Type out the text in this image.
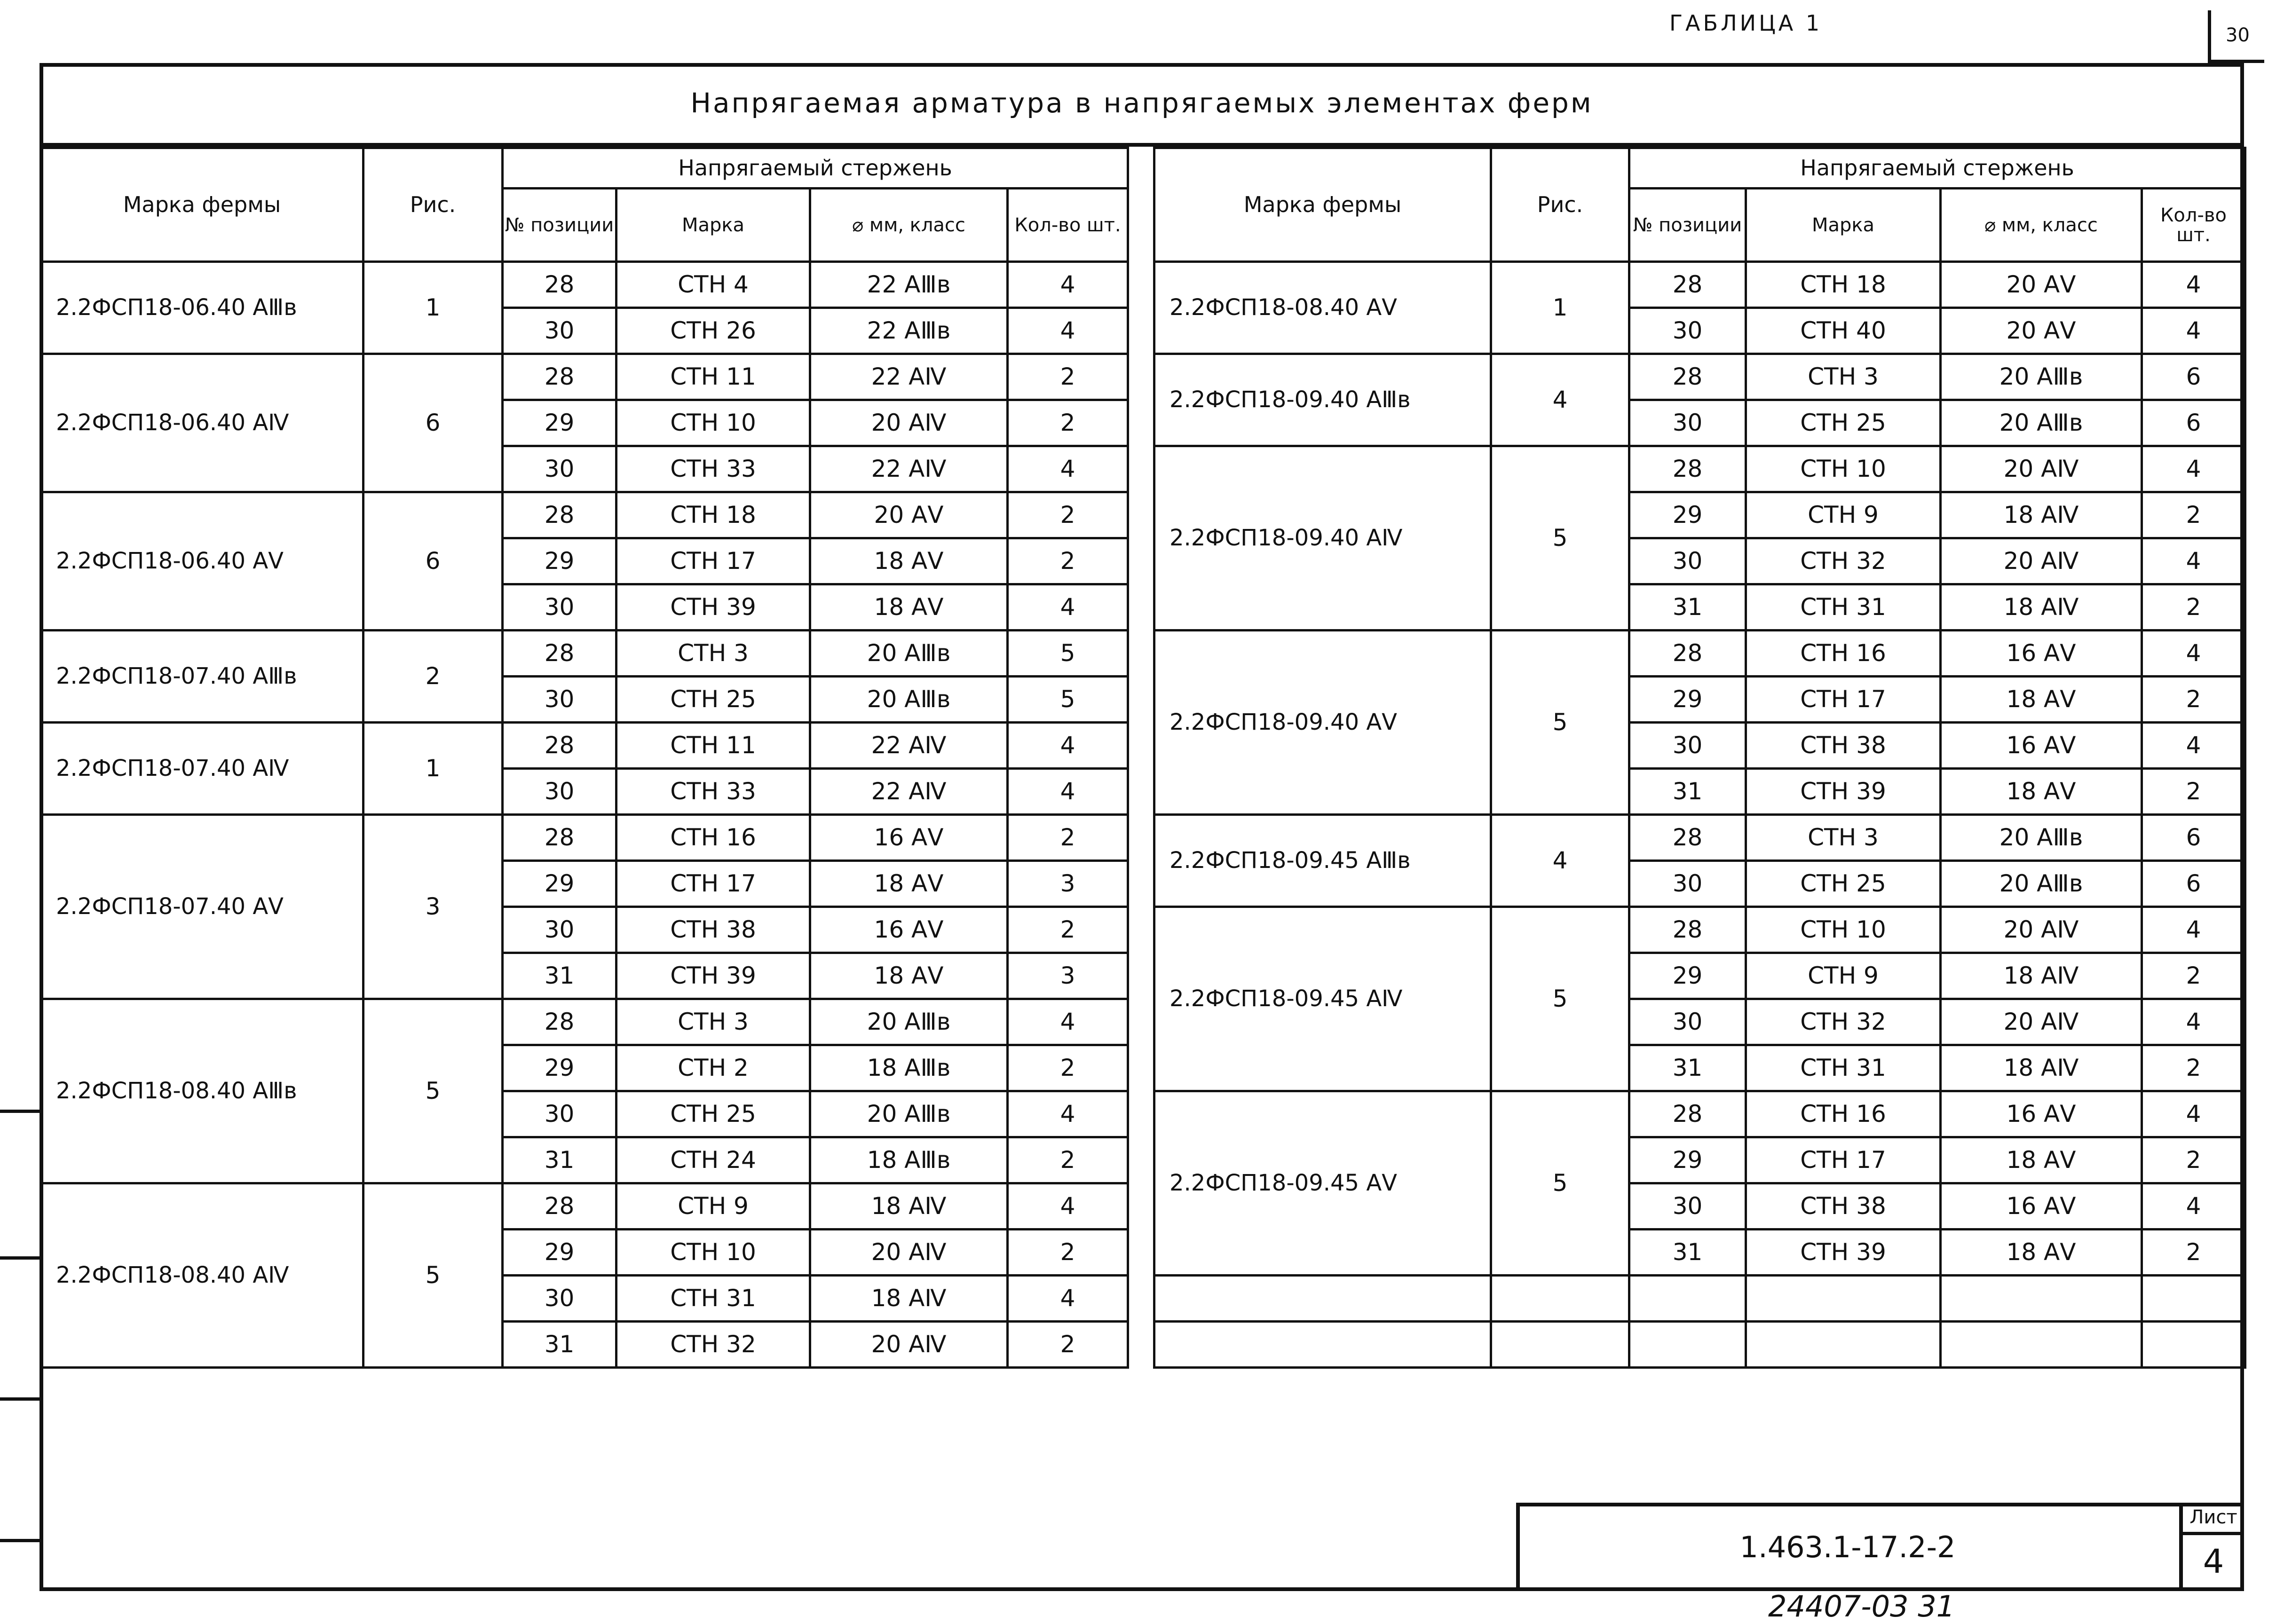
ГАБЛИЦА 1	30
Напрягаемая арматура в напрягаемых элементах ферм
Марка фермы	Рис.	Напрягаемый стержень			
		№ позиции	Марка	⌀ мм, класс	Кол-во шт.
2.2ФСП18-06.40 АⅢв	1	28	СТН 4	22 АⅢв	4
		30	СТН 26	22 АⅢв	4
2.2ФСП18-06.40 АⅣ	6	28	СТН 11	22 АⅣ	2
		29	СТН 10	20 АⅣ	2
		30	СТН 33	22 АⅣ	4
2.2ФСП18-06.40 АⅤ	6	28	СТН 18	20 АⅤ	2
		29	СТН 17	18 АⅤ	2
		30	СТН 39	18 АⅤ	4
2.2ФСП18-07.40 АⅢв	2	28	СТН 3	20 АⅢв	5
		30	СТН 25	20 АⅢв	5
2.2ФСП18-07.40 АⅣ	1	28	СТН 11	22 АⅣ	4
		30	СТН 33	22 АⅣ	4
2.2ФСП18-07.40 АⅤ	3	28	СТН 16	16 АⅤ	2
		29	СТН 17	18 АⅤ	3
		30	СТН 38	16 АⅤ	2
		31	СТН 39	18 АⅤ	3
2.2ФСП18-08.40 АⅢв	5	28	СТН 3	20 АⅢв	4
		29	СТН 2	18 АⅢв	2
		30	СТН 25	20 АⅢв	4
		31	СТН 24	18 АⅢв	2
2.2ФСП18-08.40 АⅣ	5	28	СТН 9	18 АⅣ	4
		29	СТН 10	20 АⅣ	2
		30	СТН 31	18 АⅣ	4
		31	СТН 32	20 АⅣ	2
Марка фермы	Рис.	Напрягаемый стержень			
		№ позиции	Марка	⌀ мм, класс	Кол-во шт.
2.2ФСП18-08.40 АⅤ	1	28	СТН 18	20 АⅤ	4
		30	СТН 40	20 АⅤ	4
2.2ФСП18-09.40 АⅢв	4	28	СТН 3	20 АⅢв	6
		30	СТН 25	20 АⅢв	6
2.2ФСП18-09.40 АⅣ	5	28	СТН 10	20 АⅣ	4
		29	СТН 9	18 АⅣ	2
		30	СТН 32	20 АⅣ	4
		31	СТН 31	18 АⅣ	2
2.2ФСП18-09.40 АⅤ	5	28	СТН 16	16 АⅤ	4
		29	СТН 17	18 АⅤ	2
		30	СТН 38	16 АⅤ	4
		31	СТН 39	18 АⅤ	2
2.2ФСП18-09.45 АⅢв	4	28	СТН 3	20 АⅢв	6
		30	СТН 25	20 АⅢв	6
2.2ФСП18-09.45 АⅣ	5	28	СТН 10	20 АⅣ	4
		29	СТН 9	18 АⅣ	2
		30	СТН 32	20 АⅣ	4
		31	СТН 31	18 АⅣ	2
2.2ФСП18-09.45 АⅤ	5	28	СТН 16	16 АⅤ	4
		29	СТН 17	18 АⅤ	2
		30	СТН 38	16 АⅤ	4
		31	СТН 39	18 АⅤ	2

1.463.1-17.2-2
Лист
4
24407-03 31
